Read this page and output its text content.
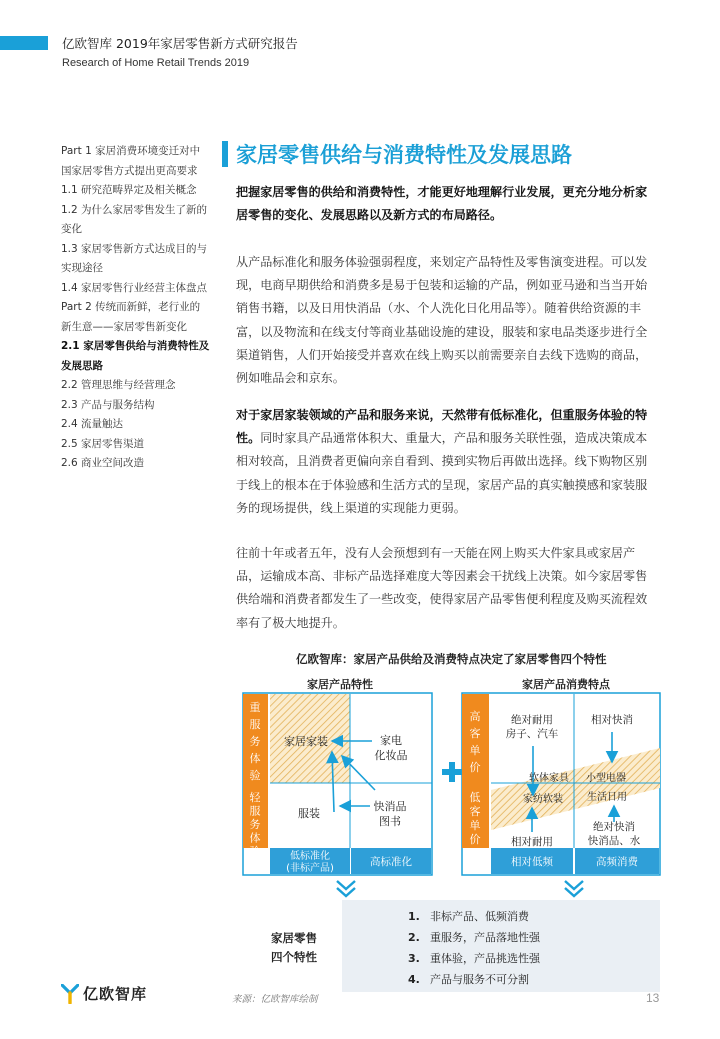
亿欧智库 2019年家居零售新方式研究报告
Research of Home Retail Trends 2019
Part 1 家居消费环境变迁对中
国家居零售方式提出更高要求
1.1 研究范畴界定及相关概念
1.2 为什么家居零售发生了新的
变化
1.3 家居零售新方式达成目的与
实现途径
1.4 家居零售行业经营主体盘点
Part 2 传统而新鲜，老行业的
新生意——家居零售新变化
2.1 家居零售供给与消费特性及
发展思路
2.2 管理思维与经营理念
2.3 产品与服务结构
2.4 流量触达
2.5 家居零售渠道
2.6 商业空间改造
家居零售供给与消费特性及发展思路
把握家居零售的供给和消费特性，才能更好地理解行业发展，更充分地分析家居零售的变化、发展思路以及新方式的布局路径。
从产品标准化和服务体验强弱程度，来划定产品特性及零售演变进程。可以发现，电商早期供给和消费多是易于包装和运输的产品，例如亚马逊和当当开始销售书籍，以及日用快消品（水、个人洗化日化用品等）。随着供给资源的丰富，以及物流和在线支付等商业基础设施的建设，服装和家电品类逐步进行全渠道销售，人们开始接受并喜欢在线上购买以前需要亲自去线下选购的商品，例如唯品会和京东。
对于家居家装领域的产品和服务来说，天然带有低标准化，但重服务体验的特性。同时家具产品通常体积大、重量大，产品和服务关联性强，造成决策成本相对较高，且消费者更偏向亲自看到、摸到实物后再做出选择。线下购物区别于线上的根本在于体验感和生活方式的呈现，家居产品的真实触摸感和家装服务的现场提供，线上渠道的实现能力更弱。
往前十年或者五年，没有人会预想到有一天能在网上购买大件家具或家居产品，运输成本高、非标产品选择难度大等因素会干扰线上决策。如今家居零售供给端和消费者都发生了一些改变，使得家居产品零售便利程度及购买流程效率有了极大地提升。
亿欧智库：家居产品供给及消费特点决定了家居零售四个特性
家居产品特性
重服务体验
轻服务体验	低标准化(非标产品)
高标准化
家居家装	家电化妆品
服装
快消品图书
家居产品消费特点
高客单价
低客单价
相对低频	高频消费
绝对耐用房子、汽车
相对快消
软体家具 小型电器
家纺软装 生活日用
相对耐用
绝对快消快消品、水
家居零售
四个特性
1. 非标产品、低频消费
2. 重服务，产品落地性强
3. 重体验，产品挑选性强
4. 产品与服务不可分割
亿欧智库	来源：亿欧智库绘制	13
